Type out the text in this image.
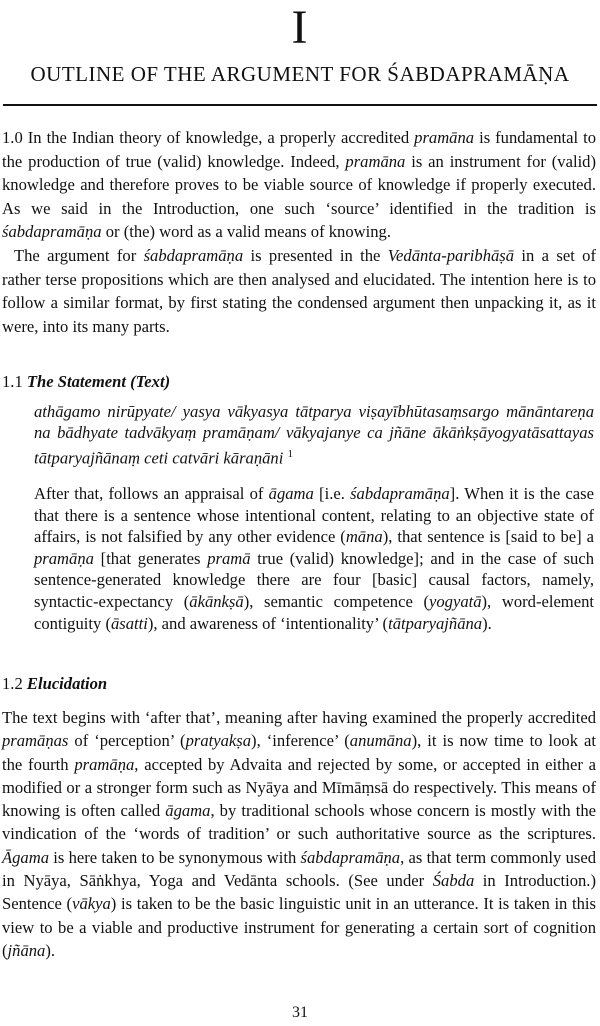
I
OUTLINE OF THE ARGUMENT FOR ŚABDAPRAMĀṆA

1.0 In the Indian theory of knowledge, a properly accredited pramāna is fundamental to the production of true (valid) knowledge. Indeed, pramāna is an instrument for (valid) knowledge and therefore proves to be viable source of knowledge if properly executed. As we said in the Introduction, one such ‘source’ identified in the tradition is śabdapramāṇa or (the) word as a valid means of knowing.

The argument for śabdapramāṇa is presented in the Vedānta-paribhāṣā in a set of rather terse propositions which are then analysed and elucidated. The intention here is to follow a similar format, by first stating the condensed argument then unpacking it, as it were, into its many parts.

1.1 The Statement (Text)

athāgamo nirūpyate/ yasya vākyasya tātparya viṣayībhūtasaṃsargo mānāntareṇa na bādhyate tadvākyaṃ pramāṇam/ vākyajanye ca jñāne ākāṅkṣāyogyatāsattayas tātparyajñānaṃ ceti catvāri kāraṇāni $^1$

After that, follows an appraisal of āgama [i.e. śabdapramāṇa]. When it is the case that there is a sentence whose intentional content, relating to an objective state of affairs, is not falsified by any other evidence (māna), that sentence is [said to be] a pramāṇa [that generates pramā true (valid) knowledge]; and in the case of such sentence-generated knowledge there are four [basic] causal factors, namely, syntactic-expectancy (ākānkṣā), semantic competence (yogyatā), word-element contiguity (āsatti), and awareness of ‘intentionality’ (tātparyajñāna).

1.2 Elucidation

The text begins with ‘after that’, meaning after having examined the properly accredited pramāṇas of ‘perception’ (pratyakṣa), ‘inference’ (anumāna), it is now time to look at the fourth pramāṇa, accepted by Advaita and rejected by some, or accepted in either a modified or a stronger form such as Nyāya and Mīmāṃsā do respectively. This means of knowing is often called āgama, by traditional schools whose concern is mostly with the vindication of the ‘words of tradition’ or such authoritative source as the scriptures. Āgama is here taken to be synonymous with śabdapramāṇa, as that term commonly used in Nyāya, Sāṅkhya, Yoga and Vedānta schools. (See under Śabda in Introduction.) Sentence (vākya) is taken to be the basic linguistic unit in an utterance. It is taken in this view to be a viable and productive instrument for generating a certain sort of cognition (jñāna).

31
